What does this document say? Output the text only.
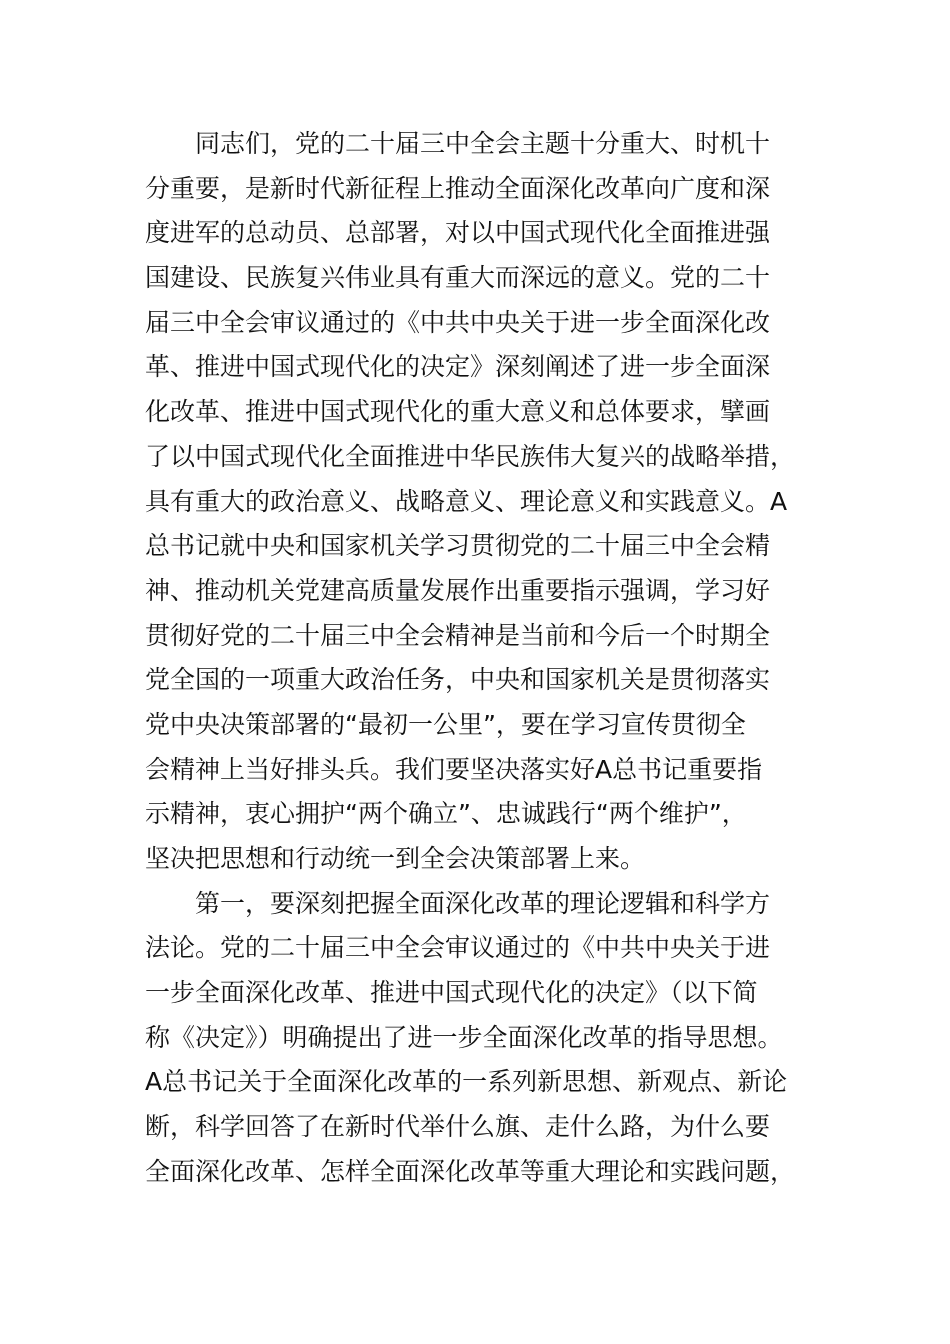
同志们，党的二十届三中全会主题十分重大、时机十
分重要，是新时代新征程上推动全面深化改革向广度和深
度进军的总动员、总部署，对以中国式现代化全面推进强
国建设、民族复兴伟业具有重大而深远的意义。党的二十
届三中全会审议通过的《中共中央关于进一步全面深化改
革、推进中国式现代化的决定》深刻阐述了进一步全面深
化改革、推进中国式现代化的重大意义和总体要求，擘画
了以中国式现代化全面推进中华民族伟大复兴的战略举措，
具有重大的政治意义、战略意义、理论意义和实践意义。A
总书记就中央和国家机关学习贯彻党的二十届三中全会精
神、推动机关党建高质量发展作出重要指示强调，学习好
贯彻好党的二十届三中全会精神是当前和今后一个时期全
党全国的一项重大政治任务，中央和国家机关是贯彻落实
党中央决策部署的“最初一公里”，要在学习宣传贯彻全
会精神上当好排头兵。我们要坚决落实好A总书记重要指
示精神，衷心拥护“两个确立”、忠诚践行“两个维护”，
坚决把思想和行动统一到全会决策部署上来。
第一，要深刻把握全面深化改革的理论逻辑和科学方
法论。党的二十届三中全会审议通过的《中共中央关于进
一步全面深化改革、推进中国式现代化的决定》（以下简
称《决定》）明确提出了进一步全面深化改革的指导思想。
A总书记关于全面深化改革的一系列新思想、新观点、新论
断，科学回答了在新时代举什么旗、走什么路，为什么要
全面深化改革、怎样全面深化改革等重大理论和实践问题，
